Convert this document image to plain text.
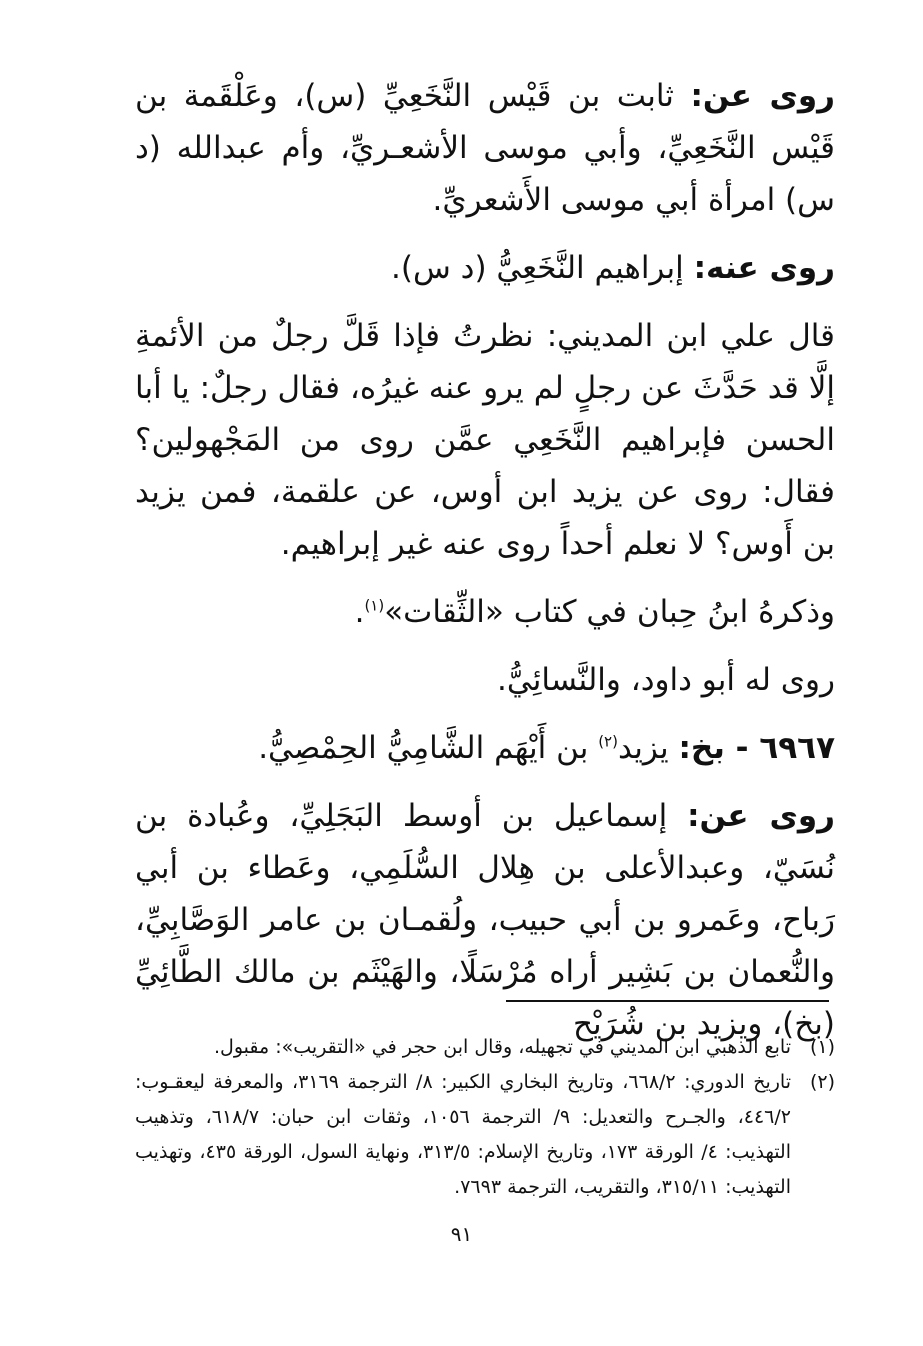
روى عن: ثابت بن قَيْس النَّخَعِيِّ (س)، وعَلْقَمة بن قَيْس النَّخَعِيِّ، وأبي موسى الأشعـريِّ، وأم عبدالله (د س) امرأة أبي موسى الأَشعريِّ.

روى عنه: إبراهيم النَّخَعِيُّ (د س).

قال علي ابن المديني: نظرتُ فإذا قَلَّ رجلٌ من الأئمةِ إلَّا قد حَدَّثَ عن رجلٍ لم يرو عنه غيرُه، فقال رجلٌ: يا أبا الحسن فإبراهيم النَّخَعِي عمَّن روى من المَجْهولين؟ فقال: روى عن يزيد ابن أوس، عن علقمة، فمن يزيد بن أَوس؟ لا نعلم أحداً روى عنه غير إبراهيم.

وذكرهُ ابنُ حِبان في كتاب «الثِّقات»$^{(١)}$.

روى له أبو داود، والنَّسائِيُّ.

٦٩٦٧ - بخ: يزيد$^{(٢)}$ بن أَيْهَم الشَّامِيُّ الحِمْصِيُّ.

روى عن: إسماعيل بن أوسط البَجَلِيِّ، وعُبادة بن نُسَيّ، وعبدالأعلى بن هِلال السُّلَمِي، وعَطاء بن أبي رَباح، وعَمرو بن أبي حبيب، ولُقمـان بن عامر الوَصَّابِيِّ، والنُّعمان بن بَشِير أراه مُرْسَلًا، والهَيْثَم بن مالك الطَّائِيِّ (بخ)، ويزيد بن شُرَيْح

(١)
تابع الذهبي ابن المديني في تجهيله، وقال ابن حجر في «التقريب»: مقبول.
(٢)
تاريخ الدوري: ٦٦٨/٢، وتاريخ البخاري الكبير: ٨/ الترجمة ٣١٦٩، والمعرفة ليعقـوب: ٤٤٦/٢، والجـرح والتعديل: ٩/ الترجمة ١٠٥٦، وثقات ابن حبان: ٦١٨/٧، وتذهيب التهذيب: ٤/ الورقة ١٧٣، وتاريخ الإسلام: ٣١٣/٥، ونهاية السول، الورقة ٤٣٥، وتهذيب التهذيب: ٣١٥/١١، والتقريب، الترجمة ٧٦٩٣.
٩١
